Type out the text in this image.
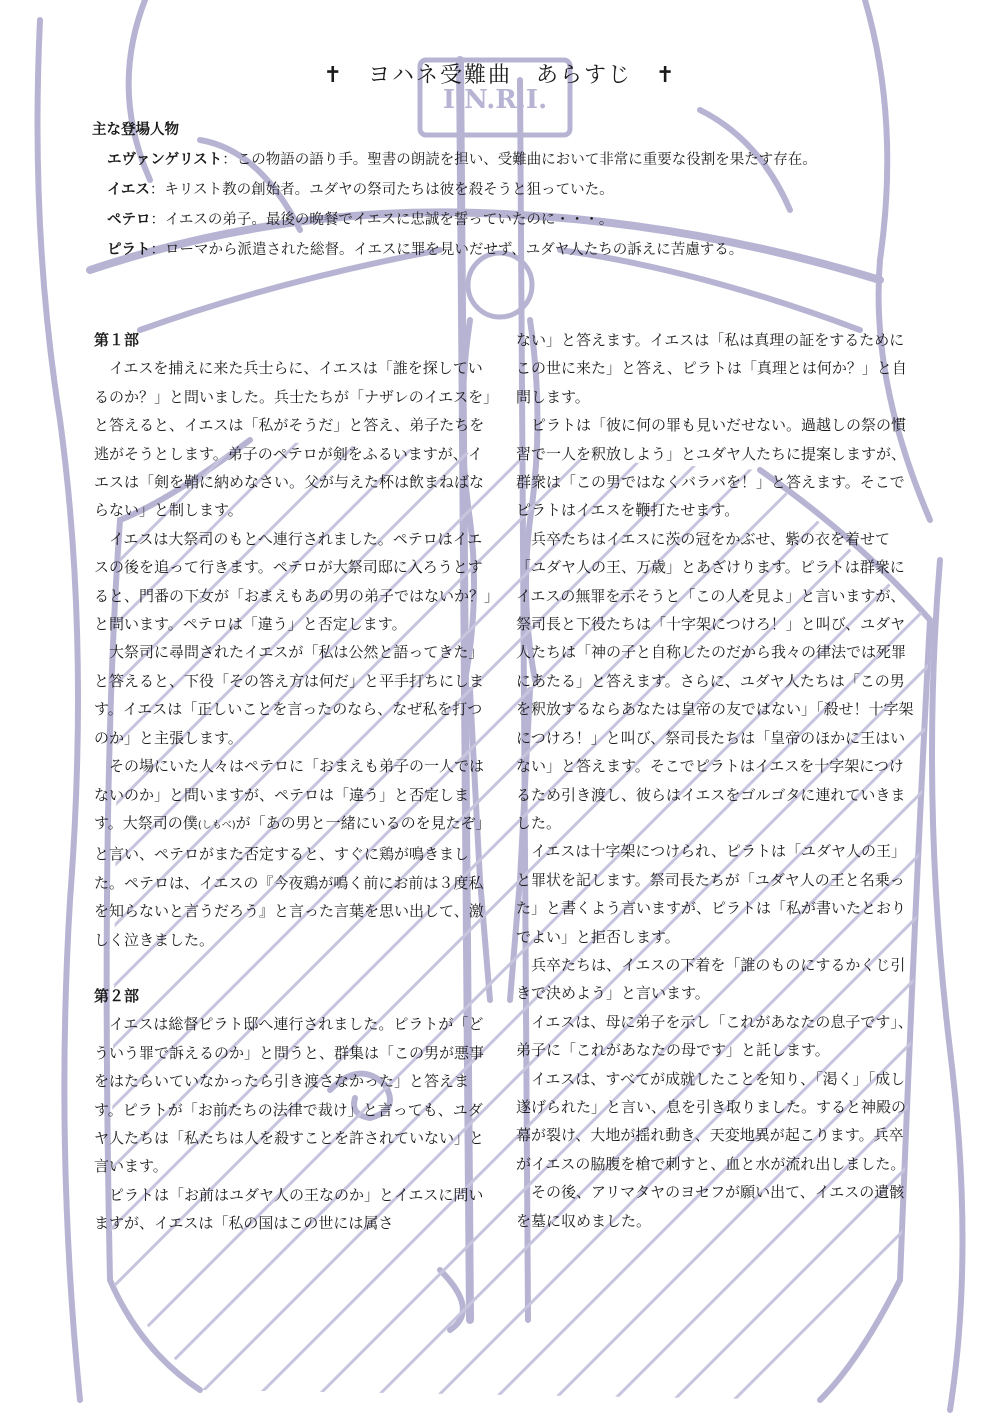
I.N.R.I.
✝　ヨハネ受難曲　あらすじ　✝
主な登場人物
エヴァンゲリスト：この物語の語り手。聖書の朗読を担い、受難曲において非常に重要な役割を果たす存在。
イエス：キリスト教の創始者。ユダヤの祭司たちは彼を殺そうと狙っていた。
ペテロ：イエスの弟子。最後の晩餐でイエスに忠誠を誓っていたのに・・・。
ピラト：ローマから派遣された総督。イエスに罪を見いだせず、ユダヤ人たちの訴えに苦慮する。

第１部

イエスを捕えに来た兵士らに、イエスは「誰を探しているのか？」と問いました。兵士たちが「ナザレのイエスを」と答えると、イエスは「私がそうだ」と答え、弟子たちを逃がそうとします。弟子のペテロが剣をふるいますが、イエスは「剣を鞘に納めなさい。父が与えた杯は飲まねばならない」と制します。

イエスは大祭司のもとへ連行されました。ペテロはイエスの後を追って行きます。ペテロが大祭司邸に入ろうとすると、門番の下女が「おまえもあの男の弟子ではないか？」と問います。ペテロは「違う」と否定します。

大祭司に尋問されたイエスが「私は公然と語ってきた」と答えると、下役「その答え方は何だ」と平手打ちにします。イエスは「正しいことを言ったのなら、なぜ私を打つのか」と主張します。

その場にいた人々はペテロに「おまえも弟子の一人ではないのか」と問いますが、ペテロは「違う」と否定します。大祭司の僕(しもべ)が「あの男と一緒にいるのを見たぞ」と言い、ペテロがまた否定すると、すぐに鶏が鳴きました。ペテロは、イエスの『今夜鶏が鳴く前にお前は３度私を知らないと言うだろう』と言った言葉を思い出して、激しく泣きました。

第２部

イエスは総督ピラト邸へ連行されました。ピラトが「どういう罪で訴えるのか」と問うと、群集は「この男が悪事をはたらいていなかったら引き渡さなかった」と答えます。ピラトが「お前たちの法律で裁け」と言っても、ユダヤ人たちは「私たちは人を殺すことを許されていない」と言います。

ピラトは「お前はユダヤ人の王なのか」とイエスに問いますが、イエスは「私の国はこの世には属さ

ない」と答えます。イエスは「私は真理の証をするためにこの世に来た」と答え、ピラトは「真理とは何か？」と自問します。

ピラトは「彼に何の罪も見いだせない。過越しの祭の慣習で一人を釈放しよう」とユダヤ人たちに提案しますが、群衆は「この男ではなくバラバを！」と答えます。そこでピラトはイエスを鞭打たせます。

兵卒たちはイエスに茨の冠をかぶせ、紫の衣を着せて「ユダヤ人の王、万歳」とあざけります。ピラトは群衆にイエスの無罪を示そうと「この人を見よ」と言いますが、祭司長と下役たちは「十字架につけろ！」と叫び、ユダヤ人たちは「神の子と自称したのだから我々の律法では死罪にあたる」と答えます。さらに、ユダヤ人たちは「この男を釈放するならあなたは皇帝の友ではない」「殺せ！十字架につけろ！」と叫び、祭司長たちは「皇帝のほかに王はいない」と答えます。そこでピラトはイエスを十字架につけるため引き渡し、彼らはイエスをゴルゴタに連れていきました。

イエスは十字架につけられ、ピラトは「ユダヤ人の王」と罪状を記します。祭司長たちが「ユダヤ人の王と名乗った」と書くよう言いますが、ピラトは「私が書いたとおりでよい」と拒否します。

兵卒たちは、イエスの下着を「誰のものにするかくじ引きで決めよう」と言います。

イエスは、母に弟子を示し「これがあなたの息子です」、弟子に「これがあなたの母です」と託します。

イエスは、すべてが成就したことを知り、「渇く」「成し遂げられた」と言い、息を引き取りました。すると神殿の幕が裂け、大地が揺れ動き、天変地異が起こります。兵卒がイエスの脇腹を槍で刺すと、血と水が流れ出しました。

その後、アリマタヤのヨセフが願い出て、イエスの遺骸を墓に収めました。
